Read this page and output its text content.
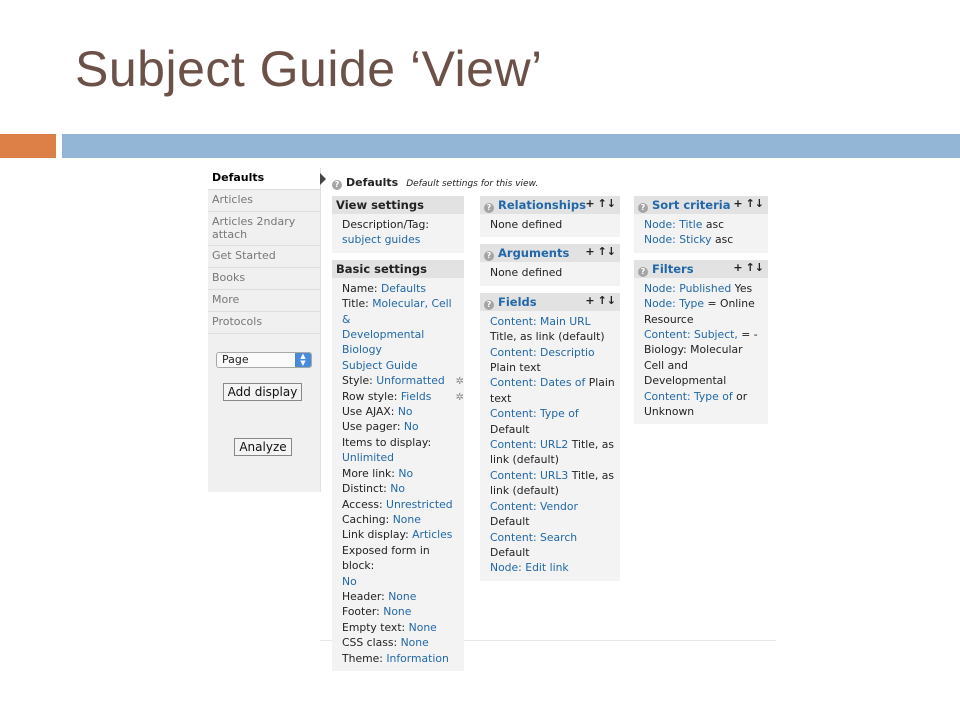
Subject Guide ‘View’
Defaults
Articles
Articles 2ndary attach
Get Started
Books
More
Protocols
Page	▲
▼
Add display
Analyze
? Defaults Default settings for this view.
View settings
Description/Tag:
subject guides
Basic settings
Name: Defaults
Title: Molecular, Cell &
Developmental Biology
Subject Guide
Style: Unformatted ✲
Row style: Fields ✲
Use AJAX: No
Use pager: No
Items to display:
Unlimited
More link: No
Distinct: No
Access: Unrestricted
Caching: None
Link display: Articles
Exposed form in block:
No
Header: None
Footer: None
Empty text: None
CSS class: None
Theme: Information
? Relationships + ↑↓
None defined
? Arguments + ↑↓
None defined
? Fields	+ ↑↓
Content: Main URL Title, as link (default)
Content: Descriptio Plain text
Content: Dates of Plain text
Content: Type of Default
Content: URL2 Title, as link (default)
Content: URL3 Title, as link (default)
Content: Vendor Default
Content: Search Default
Node: Edit link
? Sort criteria + ↑↓
Node: Title asc
Node: Sticky asc
? Filters	+ ↑↓
Node: Published Yes
Node: Type = Online Resource
Content: Subject, = - Biology: Molecular Cell and Developmental
Content: Type of or Unknown
